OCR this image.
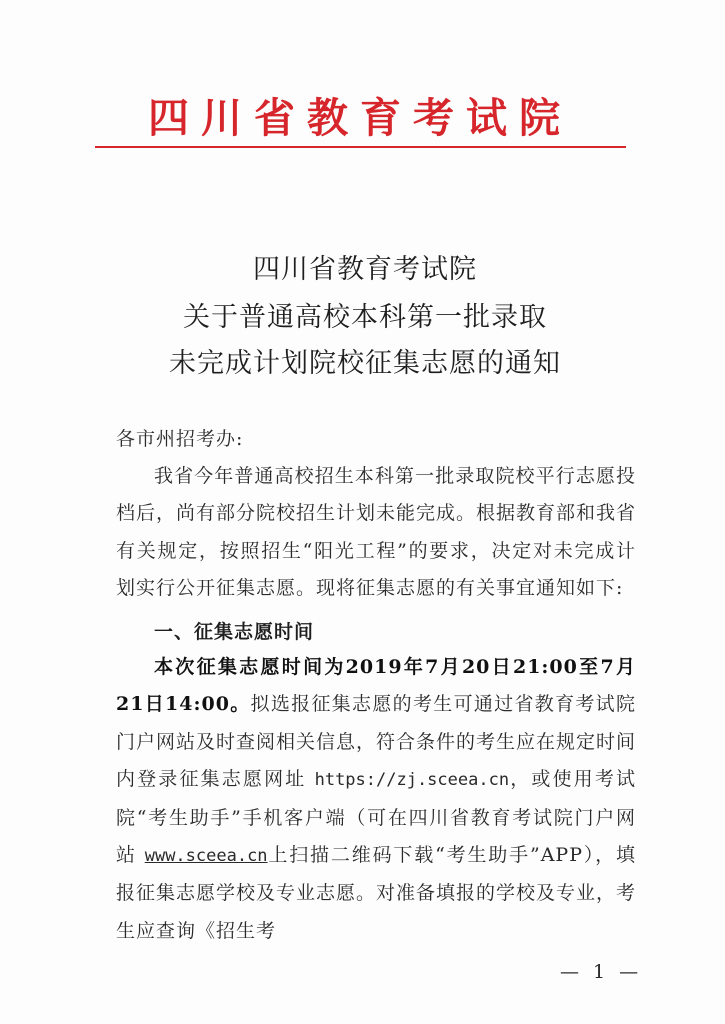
四川省教育考试院
四川省教育考试院
关于普通高校本科第一批录取
未完成计划院校征集志愿的通知
各市州招考办:
我省今年普通高校招生本科第一批录取院校平行志愿投档后，尚有部分院校招生计划未能完成。根据教育部和我省有关规定，按照招生“阳光工程”的要求，决定对未完成计划实行公开征集志愿。现将征集志愿的有关事宜通知如下:
一、征集志愿时间
本次征集志愿时间为2019年7月20日21:00至7月21日14:00。拟选报征集志愿的考生可通过省教育考试院门户网站及时查阅相关信息，符合条件的考生应在规定时间内登录征集志愿网址 https://zj.sceea.cn，或使用考试院“考生助手”手机客户端（可在四川省教育考试院门户网站 www.sceea.cn上扫描二维码下载“考生助手”APP），填报征集志愿学校及专业志愿。对准备填报的学校及专业，考生应查询《招生考
— 1 —
